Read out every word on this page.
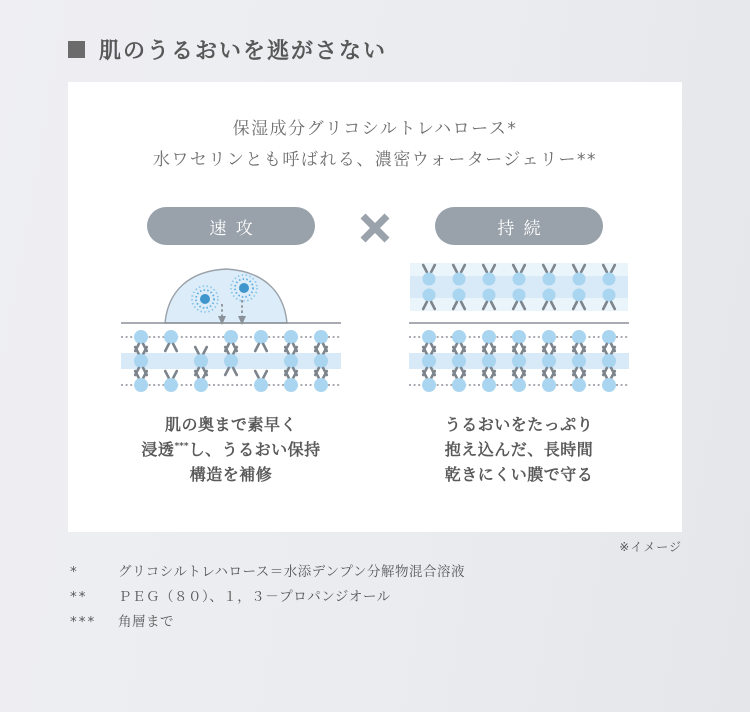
肌のうるおいを逃がさない

保湿成分グリコシルトレハロース*
水ワセリンとも呼ばれる、濃密ウォータージェリー**

速攻

肌の奥まで素早く
浸透***し、うるおい保持
構造を補修

持続

うるおいをたっぷり
抱え込んだ、長時間
乾きにくい膜で守る

※イメージ
*	グリコシルトレハロース＝水添デンプン分解物混合溶液
**	ＰＥＧ（８０）、１，３－プロパンジオール
***	角層まで
